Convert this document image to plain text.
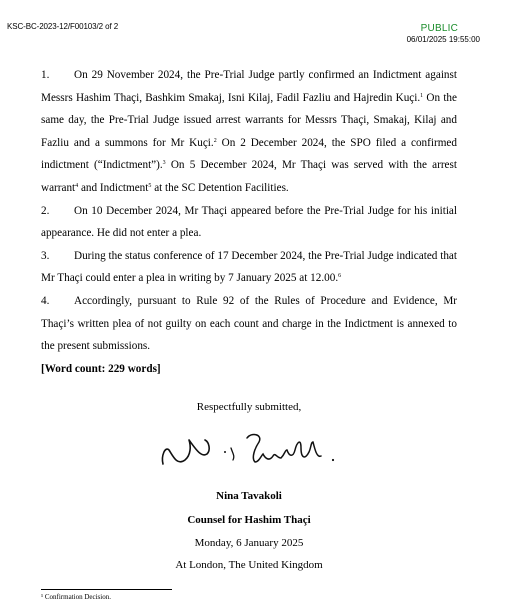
KSC-BC-2023-12/F00103/2 of 2	PUBLIC
06/01/2025 19:55:00

1. On 29 November 2024, the Pre-Trial Judge partly confirmed an Indictment against Messrs Hashim Thaçi, Bashkim Smakaj, Isni Kilaj, Fadil Fazliu and Hajredin Kuçi.$^1$ On the same day, the Pre-Trial Judge issued arrest warrants for Messrs Thaçi, Smakaj, Kilaj and Fazliu and a summons for Mr Kuçi.$^2$ On 2 December 2024, the SPO filed a confirmed indictment (“Indictment”).$^3$ On 5 December 2024, Mr Thaçi was served with the arrest warrant$^4$ and Indictment$^5$ at the SC Detention Facilities.

2. On 10 December 2024, Mr Thaçi appeared before the Pre-Trial Judge for his initial appearance. He did not enter a plea.

3. During the status conference of 17 December 2024, the Pre-Trial Judge indicated that Mr Thaçi could enter a plea in writing by 7 January 2025 at 12.00.$^6$

4. Accordingly, pursuant to Rule 92 of the Rules of Procedure and Evidence, Mr Thaçi’s written plea of not guilty on each count and charge in the Indictment is annexed to the present submissions.

[Word count: 229 words]

Respectfully submitted,
Nina Tavakoli
Counsel for Hashim Thaçi
Monday, 6 January 2025
At London, The United Kingdom
¹ Confirmation Decision.
